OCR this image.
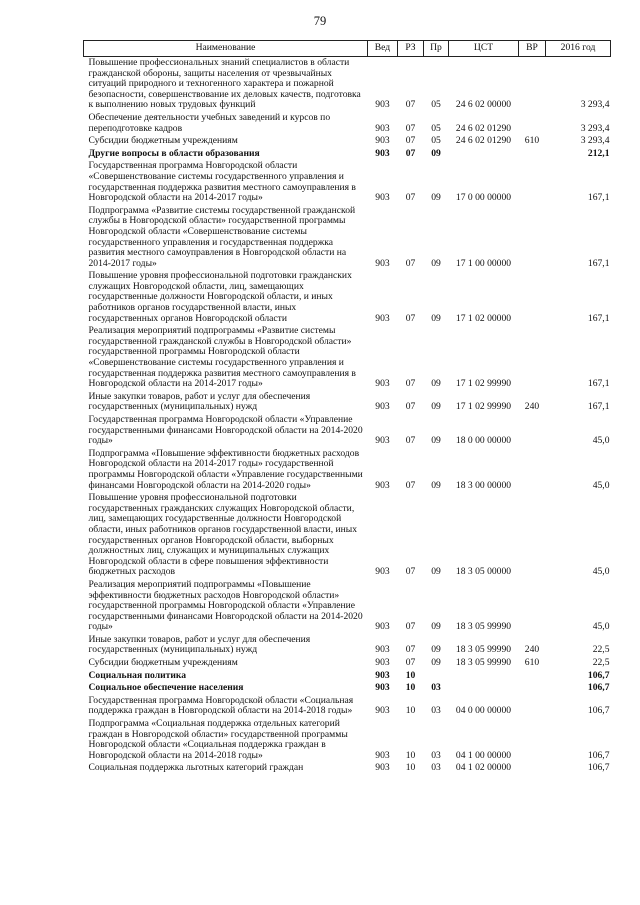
79
Наименование	Вед	РЗ	Пр	ЦСТ	ВР	2016 год
Повышение профессиональных знаний специалистов в области гражданской обороны, защиты населения от чрезвычайных ситуаций природного и техногенного характера и пожарной безопасности, совершенствование их деловых качеств, подготовка к выполнению новых трудовых функций	903	07	05	24 6 02 00000		3 293,4
Обеспечение деятельности учебных заведений и курсов по переподготовке кадров	903	07	05	24 6 02 01290		3 293,4
Субсидии бюджетным учреждениям	903	07	05	24 6 02 01290	610	3 293,4
Другие вопросы в области образования	903	07	09			212,1
Государственная программа Новгородской области «Совершенствование системы государственного управления и государственная поддержка развития местного самоуправления в Новгородской области на 2014-2017 годы»	903	07	09	17 0 00 00000		167,1
Подпрограмма «Развитие системы государственной гражданской службы в Новгородской области» государственной программы Новгородской области «Совершенствование системы государственного управления и государственная поддержка развития местного самоуправления в Новгородской области на 2014-2017 годы»	903	07	09	17 1 00 00000		167,1
Повышение уровня профессиональной подготовки гражданских служащих Новгородской области, лиц, замещающих государственные должности Новгородской области, и иных работников органов государственной власти, иных государственных органов Новгородской области	903	07	09	17 1 02 00000		167,1
Реализация мероприятий подпрограммы «Развитие системы государственной гражданской службы в Новгородской области» государственной программы Новгородской области «Совершенствование системы государственного управления и государственная поддержка развития местного самоуправления в Новгородской области на 2014-2017 годы»	903	07	09	17 1 02 99990		167,1
Иные закупки товаров, работ и услуг для обеспечения государственных (муниципальных) нужд	903	07	09	17 1 02 99990	240	167,1
Государственная программа Новгородской области «Управление государственными финансами Новгородской области на 2014-2020 годы»	903	07	09	18 0 00 00000		45,0
Подпрограмма «Повышение эффективности бюджетных расходов Новгородской области на 2014-2017 годы» государственной программы Новгородской области «Управление государственными финансами Новгородской области на 2014-2020 годы»	903	07	09	18 3 00 00000		45,0
Повышение уровня профессиональной подготовки государственных гражданских служащих Новгородской области, лиц, замещающих государственные должности Новгородской области, иных работников органов государственной власти, иных государственных органов Новгородской области, выборных должностных лиц, служащих и муниципальных служащих Новгородской области в сфере повышения эффективности бюджетных расходов	903	07	09	18 3 05 00000		45,0
Реализация мероприятий подпрограммы «Повышение эффективности бюджетных расходов Новгородской области» государственной программы Новгородской области «Управление государственными финансами Новгородской области на 2014-2020 годы»	903	07	09	18 3 05 99990		45,0
Иные закупки товаров, работ и услуг для обеспечения государственных (муниципальных) нужд	903	07	09	18 3 05 99990	240	22,5
Субсидии бюджетным учреждениям	903	07	09	18 3 05 99990	610	22,5
Социальная политика	903	10				106,7
Социальное обеспечение населения	903	10	03			106,7
Государственная программа Новгородской области «Социальная поддержка граждан в Новгородской области на 2014-2018 годы»	903	10	03	04 0 00 00000		106,7
Подпрограмма «Социальная поддержка отдельных категорий граждан в Новгородской области» государственной программы Новгородской области «Социальная поддержка граждан в Новгородской области на 2014-2018 годы»	903	10	03	04 1 00 00000		106,7
Социальная поддержка льготных категорий граждан	903	10	03	04 1 02 00000		106,7
